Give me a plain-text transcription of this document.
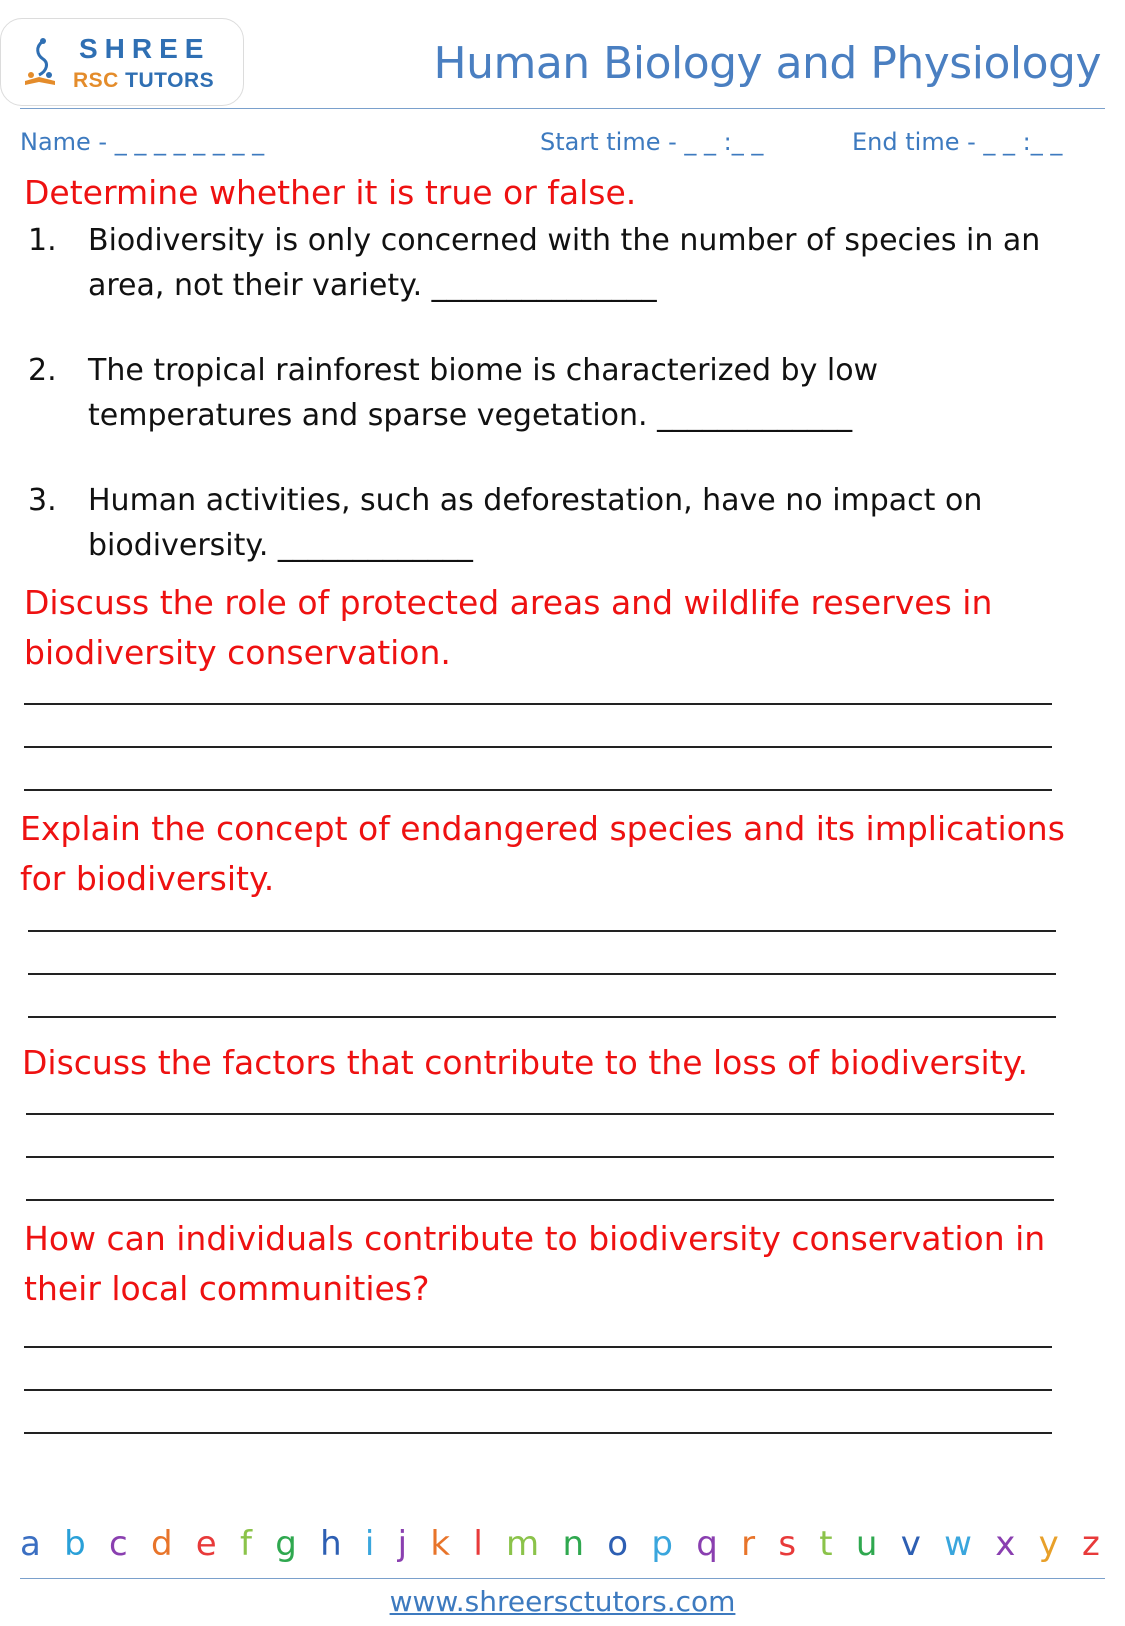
SHREE
RSC TUTORS	Human Biology and Physiology
Name - _ _ _ _ _ _ _ _	Start time - _ _ :_ _	End time - _ _ :_ _
Determine whether it is true or false.
1.	Biodiversity is only concerned with the number of species in an area, not their variety. _______________
2.	The tropical rainforest biome is characterized by low temperatures and sparse vegetation. _____________
3.	Human activities, such as deforestation, have no impact on biodiversity. _____________
Discuss the role of protected areas and wildlife reserves in biodiversity conservation.
Explain the concept of endangered species and its implications for biodiversity.
Discuss the factors that contribute to the loss of biodiversity.
How can individuals contribute to biodiversity conservation in their local communities?
a b c d e f g h i j k l m n o p q r s t u v w x y z
www.shreersctutors.com
